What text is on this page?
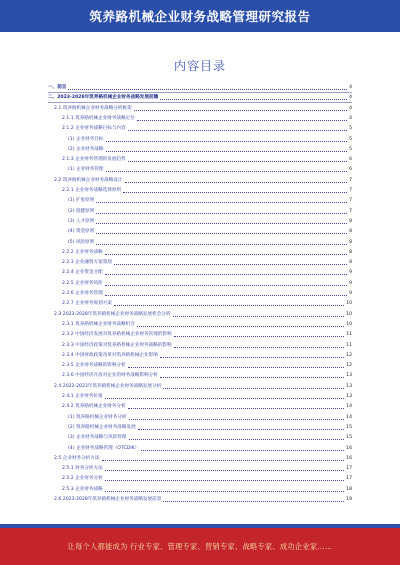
筑养路机械企业财务战略管理研究报告
内容目录
一、前言	4
二、2023-2028年筑养路机械企业财务战略发展前瞻	4
2.1 筑养路机械企业财务战略分析框架	4
2.1.1 筑养路机械企业财务战略定位	4
2.1.2 企业财务战略目标与内容	5
(1) 企业财务目标	5
(2) 企业财务战略	5
2.1.3 企业财务管理的发展趋势	6
(1) 企业财务管理	6
2.2 筑养路机械企业财务战略设计	7
2.2.1 企业财务战略选择原则	7
(1) 扩张原则	7
(2) 稳健原则	7
(3) 人才原则	8
(4) 资金原则	8
(5) 风险原则	8
2.2.2 企业财务战略	8
2.2.3 企业融资方案策划	8
2.2.4 企业资金分配	9
2.2.5 企业财务风险	9
2.2.6 企业财务管理	9
2.2.7 企业财务规划方案	10
2.3 2023-2028年筑养路机械企业财务战略发展机会分析	10
2.3.1 筑养路机械企业财务战略机会	10
2.3.2 中国经济发展对筑养路机械企业财务管理的影响	11
2.3.3 中国经济政策对筑养路机械企业财务战略的影响	11
2.3.4 中国财政政策改革对筑养路机械企业影响	12
2.3.5 企业财务战略的影响分析	12
2.3.6 中国经济开放对企业的财务战略影响分析	13
2.4 2022-2023年筑养路机械企业财务战略发展分析	13
2.4.1 企业财务价值	13
2.4.2 筑养路机械企业财务分析	14
(1) 筑养路机械企业财务分析	14
(2) 筑养路机械企业财务战略发展	15
(3) 企业财务战略与风险管理	15
(4) 企业财务战略管理（OTCDIK）	16
2.5 企业财务分析方法	16
2.5.1 财务分析方法	17
2.5.2 企业财务分析	17
2.5.3 企业财务战略	18
2.6 2023-2028年筑养路机械企业财务战略发展前景	19
让每个人都能成为 行业专家、管理专家、营销专家、战略专家、成功企业家……
